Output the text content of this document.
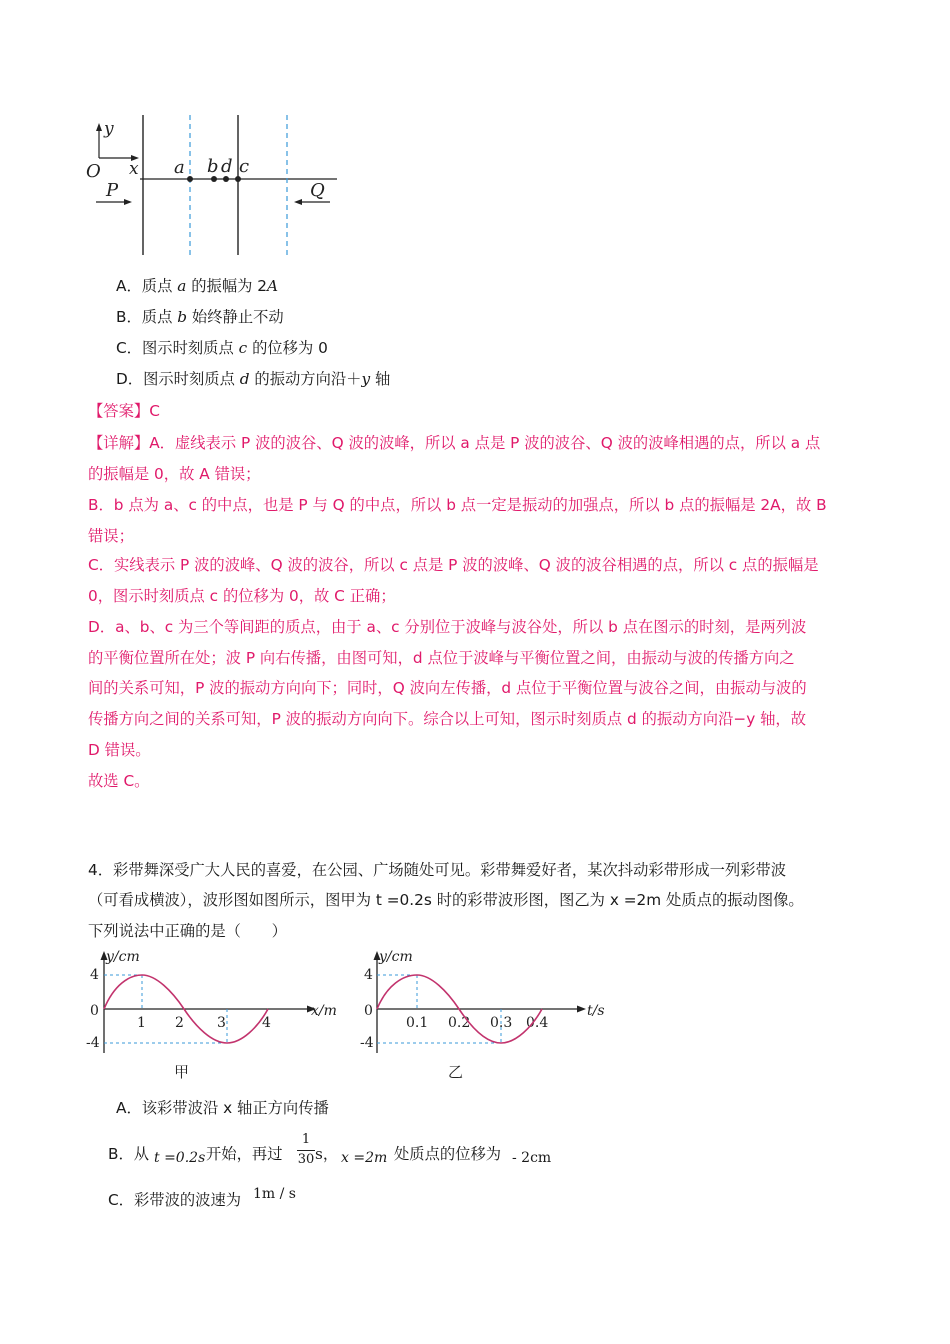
y
x
O	a b d c
P	Q
A．质点 a 的振幅为 2A
B．质点 b 始终静止不动
C．图示时刻质点 c 的位移为 0
D．图示时刻质点 d 的振动方向沿＋y 轴
【答案】C
【详解】A．虚线表示 P 波的波谷、Q 波的波峰，所以 a 点是 P 波的波谷、Q 波的波峰相遇的点，所以 a 点
的振幅是 0，故 A 错误；
B．b 点为 a、c 的中点，也是 P 与 Q 的中点，所以 b 点一定是振动的加强点，所以 b 点的振幅是 2A，故 B
错误；
C．实线表示 P 波的波峰、Q 波的波谷，所以 c 点是 P 波的波峰、Q 波的波谷相遇的点，所以 c 点的振幅是
0，图示时刻质点 c 的位移为 0，故 C 正确；
D．a、b、c 为三个等间距的质点，由于 a、c 分别位于波峰与波谷处，所以 b 点在图示的时刻，是两列波
的平衡位置所在处；波 P 向右传播，由图可知，d 点位于波峰与平衡位置之间，由振动与波的传播方向之
间的关系可知，P 波的振动方向向下；同时，Q 波向左传播，d 点位于平衡位置与波谷之间，由振动与波的
传播方向之间的关系可知，P 波的振动方向向下。综合以上可知，图示时刻质点 d 的振动方向沿−y 轴，故
D 错误。
故选 C。
4．彩带舞深受广大人民的喜爱，在公园、广场随处可见。彩带舞爱好者，某次抖动彩带形成一列彩带波
（可看成横波），波形图如图所示，图甲为 t =0.2s 时的彩带波形图，图乙为 x =2m 处质点的振动图像。
下列说法中正确的是（　　）
y/cm
x/m
0
4
-4
1 2 3	4
甲
y/cm
t/s
0
4
-4
0.1 0.2 0.3 0.4
乙
A．该彩带波沿 x 轴正方向传播
B．从 t =0.2s 开始，再过
1
30 s， x =2m 处质点的位移为 - 2cm
C．彩带波的波速为 1m / s
